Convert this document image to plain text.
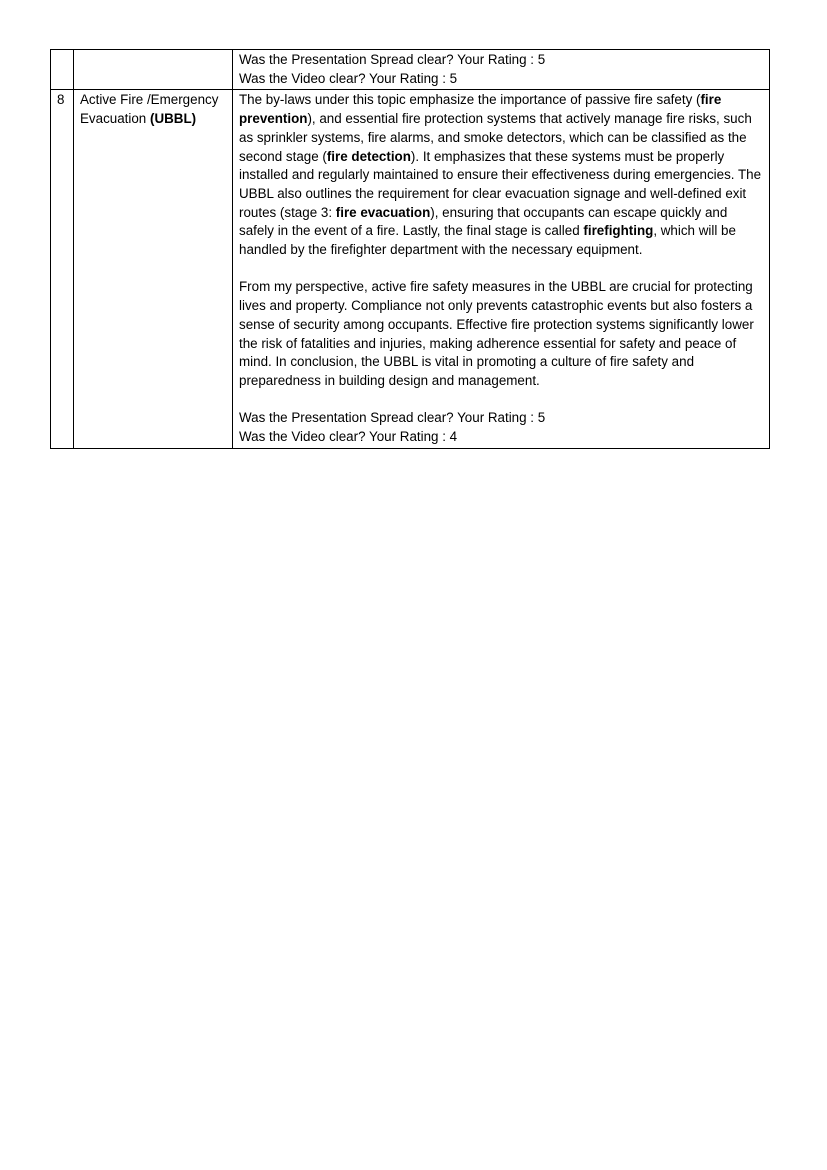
		Was the Presentation Spread clear? Your Rating : 5
Was the Video clear? Your Rating : 5

8	Active Fire /Emergency Evacuation (UBBL)	The by-laws under this topic emphasize the importance of passive fire safety (fire prevention), and essential fire protection systems that actively manage fire risks, such as sprinkler systems, fire alarms, and smoke detectors, which can be classified as the second stage (fire detection). It emphasizes that these systems must be properly installed and regularly maintained to ensure their effectiveness during emergencies. The UBBL also outlines the requirement for clear evacuation signage and well-defined exit routes (stage 3: fire evacuation), ensuring that occupants can escape quickly and safely in the event of a fire. Lastly, the final stage is called firefighting, which will be handled by the firefighter department with the necessary equipment.

From my perspective, active fire safety measures in the UBBL are crucial for protecting lives and property. Compliance not only prevents catastrophic events but also fosters a sense of security among occupants. Effective fire protection systems significantly lower the risk of fatalities and injuries, making adherence essential for safety and peace of mind. In conclusion, the UBBL is vital in promoting a culture of fire safety and preparedness in building design and management.

Was the Presentation Spread clear? Your Rating : 5
Was the Video clear? Your Rating : 4
